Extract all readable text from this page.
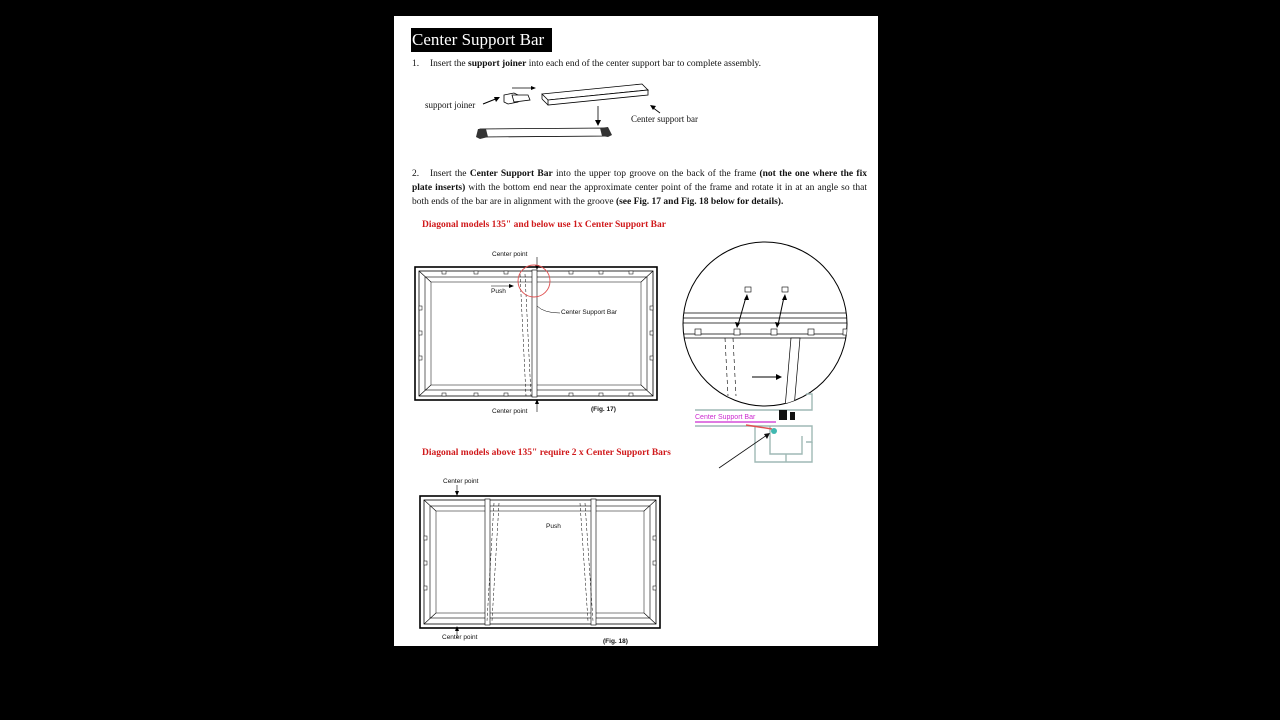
Center Support Bar
1. Insert the support joiner into each end of the center support bar to complete assembly.
support joiner
Center support bar
2. Insert the Center Support Bar into the upper top groove on the back of the frame (not the one where the fix plate inserts) with the bottom end near the approximate center point of the frame and rotate it in at an angle so that both ends of the bar are in alignment with the groove (see Fig. 17 and Fig. 18 below for details).
Diagonal models 135" and below use 1x Center Support Bar
Center point
Push
Center Support Bar
Center point	(Fig. 17)
Center Support Bar
Diagonal models above 135" require 2 x Center Support Bars
Center point
Push
Center point
(Fig. 18)
